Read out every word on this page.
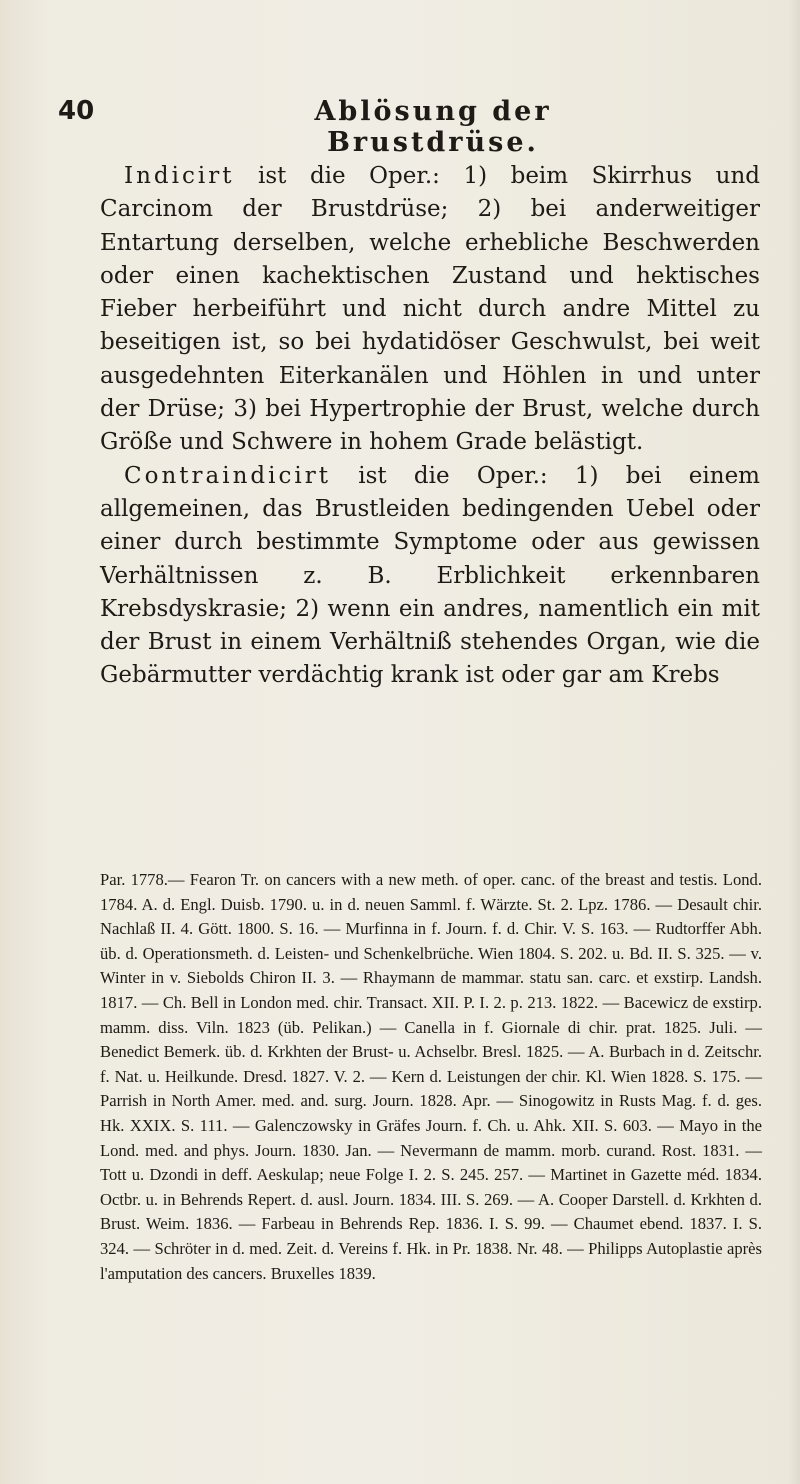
40	Ablösung der Brustdrüse.

Indicirt ist die Oper.: 1) beim Skirrhus und Carcinom der Brustdrüse; 2) bei anderweitiger Entartung derselben, welche erhebliche Beschwerden oder einen kachektischen Zustand und hektisches Fieber herbeiführt und nicht durch andre Mittel zu beseitigen ist, so bei hydatidöser Geschwulst, bei weit ausgedehnten Eiterkanälen und Höhlen in und unter der Drüse; 3) bei Hypertrophie der Brust, welche durch Größe und Schwere in hohem Grade belästigt.

Contraindicirt ist die Oper.: 1) bei einem allgemeinen, das Brustleiden bedingenden Uebel oder einer durch bestimmte Symptome oder aus gewissen Verhältnissen z. B. Erblichkeit erkennbaren Krebsdyskrasie; 2) wenn ein andres, namentlich ein mit der Brust in einem Verhältniß stehendes Organ, wie die Gebärmutter verdächtig krank ist oder gar am Krebs

Par. 1778.— Fearon Tr. on cancers with a new meth. of oper. canc. of the breast and testis. Lond. 1784. A. d. Engl. Duisb. 1790. u. in d. neuen Samml. f. Wärzte. St. 2. Lpz. 1786. — Desault chir. Nachlaß II. 4. Gött. 1800. S. 16. — Murfinna in f. Journ. f. d. Chir. V. S. 163. — Rudtorffer Abh. üb. d. Operationsmeth. d. Leisten- und Schenkelbrüche. Wien 1804. S. 202. u. Bd. II. S. 325. — v. Winter in v. Siebolds Chiron II. 3. — Rhaymann de mammar. statu san. carc. et exstirp. Landsh. 1817. — Ch. Bell in London med. chir. Transact. XII. P. I. 2. p. 213. 1822. — Bacewicz de exstirp. mamm. diss. Viln. 1823 (üb. Pelikan.) — Canella in f. Giornale di chir. prat. 1825. Juli. — Benedict Bemerk. üb. d. Krkhten der Brust- u. Achselbr. Bresl. 1825. — A. Burbach in d. Zeitschr. f. Nat. u. Heilkunde. Dresd. 1827. V. 2. — Kern d. Leistungen der chir. Kl. Wien 1828. S. 175. — Parrish in North Amer. med. and. surg. Journ. 1828. Apr. — Sinogowitz in Rusts Mag. f. d. ges. Hk. XXIX. S. 111. — Galenczowsky in Gräfes Journ. f. Ch. u. Ahk. XII. S. 603. — Mayo in the Lond. med. and phys. Journ. 1830. Jan. — Nevermann de mamm. morb. curand. Rost. 1831. — Tott u. Dzondi in deff. Aeskulap; neue Folge I. 2. S. 245. 257. — Martinet in Gazette méd. 1834. Octbr. u. in Behrends Repert. d. ausl. Journ. 1834. III. S. 269. — A. Cooper Darstell. d. Krkhten d. Brust. Weim. 1836. — Farbeau in Behrends Rep. 1836. I. S. 99. — Chaumet ebend. 1837. I. S. 324. — Schröter in d. med. Zeit. d. Vereins f. Hk. in Pr. 1838. Nr. 48. — Philipps Autoplastie après l'amputation des cancers. Bruxelles 1839.
